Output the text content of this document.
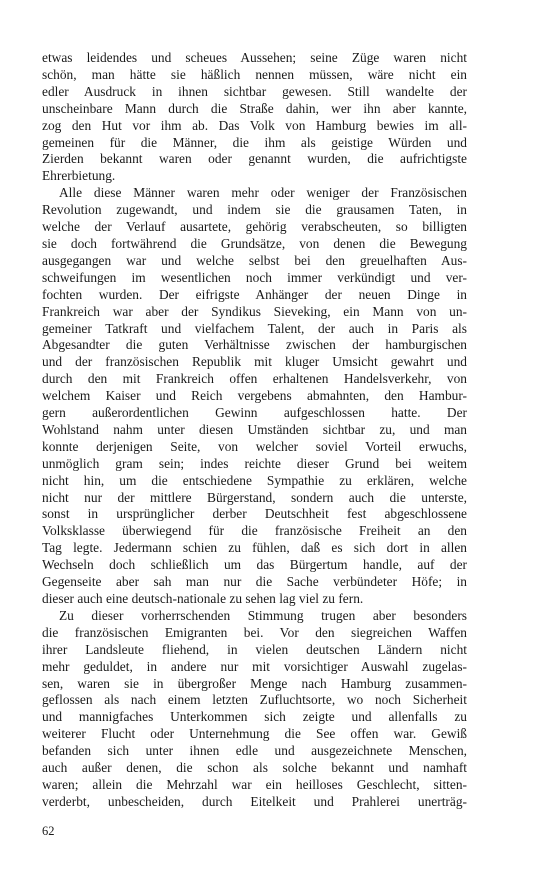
etwas leidendes und scheues Aussehen; seine Züge waren nicht
schön, man hätte sie häßlich nennen müssen, wäre nicht ein
edler Ausdruck in ihnen sichtbar gewesen. Still wandelte der
unscheinbare Mann durch die Straße dahin, wer ihn aber kannte,
zog den Hut vor ihm ab. Das Volk von Hamburg bewies im all-
gemeinen für die Männer, die ihm als geistige Würden und
Zierden bekannt waren oder genannt wurden, die aufrichtigste
Ehrerbietung.

Alle diese Männer waren mehr oder weniger der Französischen
Revolution zugewandt, und indem sie die grausamen Taten, in
welche der Verlauf ausartete, gehörig verabscheuten, so billigten
sie doch fortwährend die Grundsätze, von denen die Bewegung
ausgegangen war und welche selbst bei den greuelhaften Aus-
schweifungen im wesentlichen noch immer verkündigt und ver-
fochten wurden. Der eifrigste Anhänger der neuen Dinge in
Frankreich war aber der Syndikus Sieveking, ein Mann von un-
gemeiner Tatkraft und vielfachem Talent, der auch in Paris als
Abgesandter die guten Verhältnisse zwischen der hamburgischen
und der französischen Republik mit kluger Umsicht gewahrt und
durch den mit Frankreich offen erhaltenen Handelsverkehr, von
welchem Kaiser und Reich vergebens abmahnten, den Hambur-
gern außerordentlichen Gewinn aufgeschlossen hatte. Der
Wohlstand nahm unter diesen Umständen sichtbar zu, und man
konnte derjenigen Seite, von welcher soviel Vorteil erwuchs,
unmöglich gram sein; indes reichte dieser Grund bei weitem
nicht hin, um die entschiedene Sympathie zu erklären, welche
nicht nur der mittlere Bürgerstand, sondern auch die unterste,
sonst in ursprünglicher derber Deutschheit fest abgeschlossene
Volksklasse überwiegend für die französische Freiheit an den
Tag legte. Jedermann schien zu fühlen, daß es sich dort in allen
Wechseln doch schließlich um das Bürgertum handle, auf der
Gegenseite aber sah man nur die Sache verbündeter Höfe; in
dieser auch eine deutsch-nationale zu sehen lag viel zu fern.

Zu dieser vorherrschenden Stimmung trugen aber besonders
die französischen Emigranten bei. Vor den siegreichen Waffen
ihrer Landsleute fliehend, in vielen deutschen Ländern nicht
mehr geduldet, in andere nur mit vorsichtiger Auswahl zugelas-
sen, waren sie in übergroßer Menge nach Hamburg zusammen-
geflossen als nach einem letzten Zufluchtsorte, wo noch Sicherheit
und mannigfaches Unterkommen sich zeigte und allenfalls zu
weiterer Flucht oder Unternehmung die See offen war. Gewiß
befanden sich unter ihnen edle und ausgezeichnete Menschen,
auch außer denen, die schon als solche bekannt und namhaft
waren; allein die Mehrzahl war ein heilloses Geschlecht, sitten-
verderbt, unbescheiden, durch Eitelkeit und Prahlerei unerträg-

62
